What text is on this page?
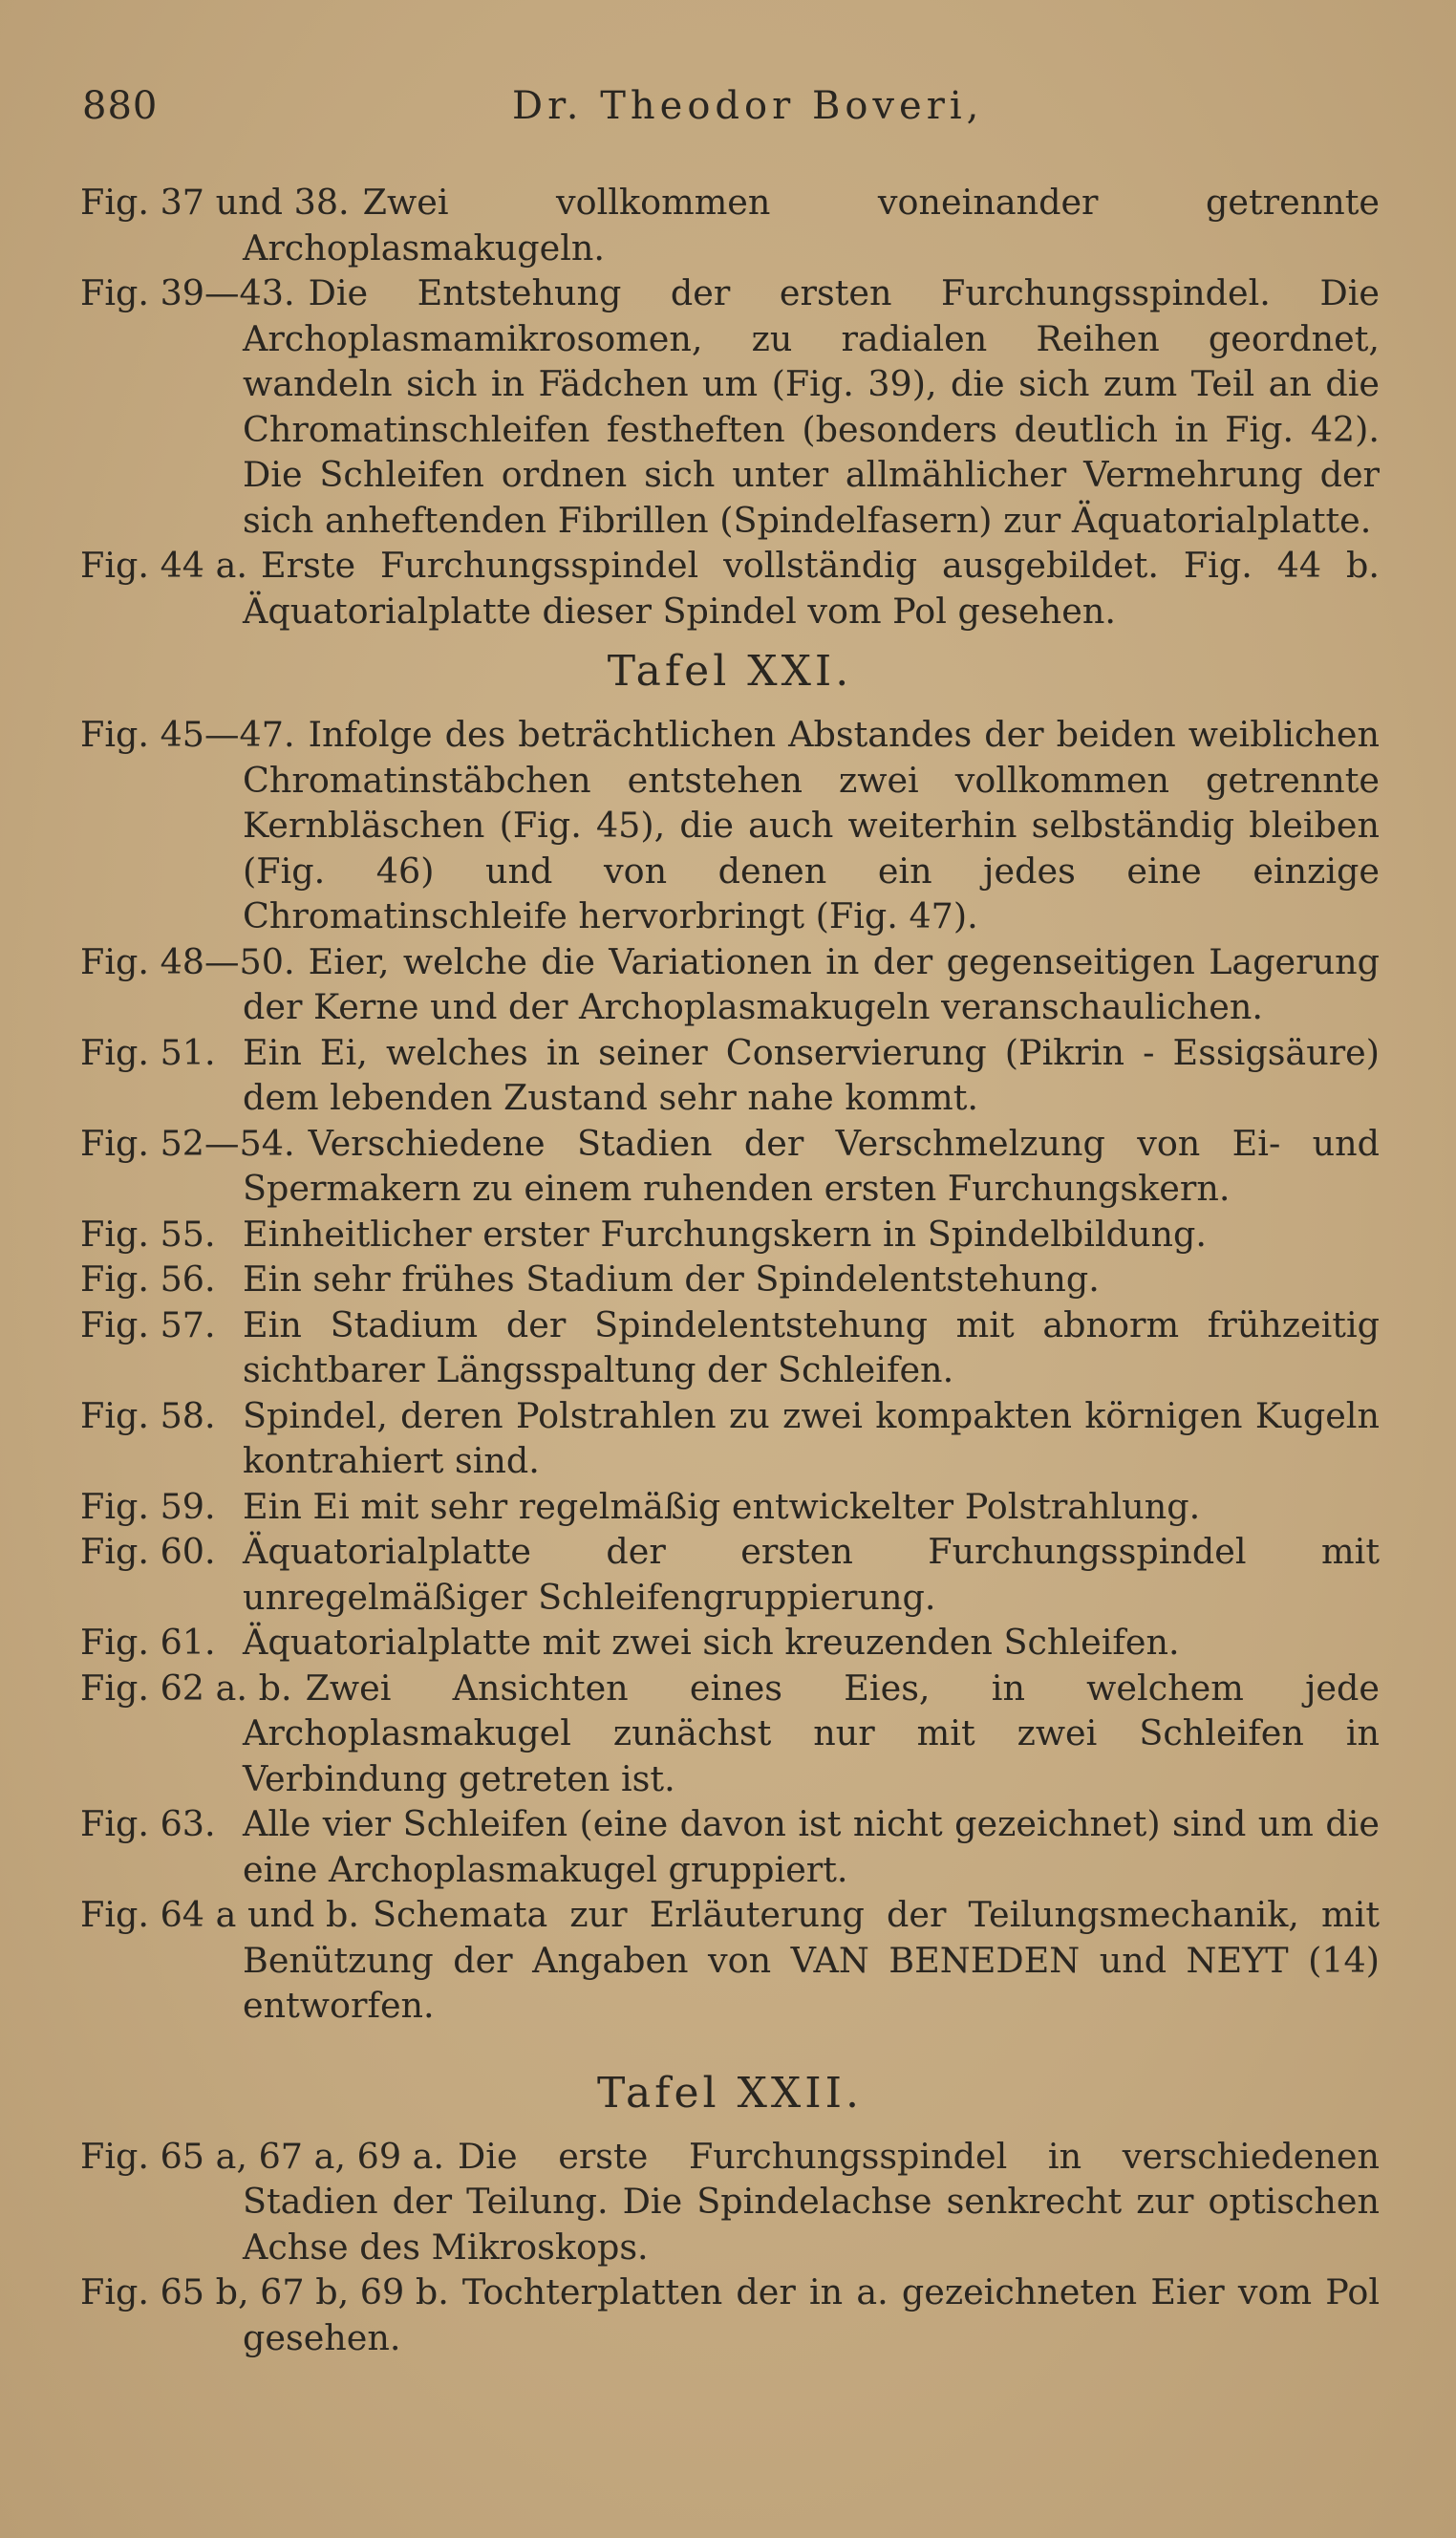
880	Dr. Theodor Boveri,
Fig. 37 und 38. Zwei vollkommen voneinander getrennte Archoplasmakugeln.
Fig. 39—43. Die Entstehung der ersten Furchungsspindel. Die Archoplasmamikrosomen, zu radialen Reihen geordnet, wandeln sich in Fädchen um (Fig. 39), die sich zum Teil an die Chromatinschleifen festheften (besonders deutlich in Fig. 42). Die Schleifen ordnen sich unter allmählicher Vermehrung der sich anheftenden Fibrillen (Spindelfasern) zur Äquatorialplatte.
Fig. 44 a. Erste Furchungsspindel vollständig ausgebildet. Fig. 44 b. Äquatorialplatte dieser Spindel vom Pol gesehen.
Tafel XXI.
Fig. 45—47. Infolge des beträchtlichen Abstandes der beiden weiblichen Chromatinstäbchen entstehen zwei vollkommen getrennte Kernbläschen (Fig. 45), die auch weiterhin selbständig bleiben (Fig. 46) und von denen ein jedes eine einzige Chromatinschleife hervorbringt (Fig. 47).
Fig. 48—50. Eier, welche die Variationen in der gegenseitigen Lagerung der Kerne und der Archoplasmakugeln veranschaulichen.
Fig. 51. Ein Ei, welches in seiner Conservierung (Pikrin - Essigsäure) dem lebenden Zustand sehr nahe kommt.
Fig. 52—54. Verschiedene Stadien der Verschmelzung von Ei- und Spermakern zu einem ruhenden ersten Furchungskern.
Fig. 55. Einheitlicher erster Furchungskern in Spindelbildung.
Fig. 56. Ein sehr frühes Stadium der Spindelentstehung.
Fig. 57. Ein Stadium der Spindelentstehung mit abnorm frühzeitig sichtbarer Längsspaltung der Schleifen.
Fig. 58. Spindel, deren Polstrahlen zu zwei kompakten körnigen Kugeln kontrahiert sind.
Fig. 59. Ein Ei mit sehr regelmäßig entwickelter Polstrahlung.
Fig. 60. Äquatorialplatte der ersten Furchungsspindel mit unregelmäßiger Schleifengruppierung.
Fig. 61. Äquatorialplatte mit zwei sich kreuzenden Schleifen.
Fig. 62 a. b. Zwei Ansichten eines Eies, in welchem jede Archoplasmakugel zunächst nur mit zwei Schleifen in Verbindung getreten ist.
Fig. 63. Alle vier Schleifen (eine davon ist nicht gezeichnet) sind um die eine Archoplasmakugel gruppiert.
Fig. 64 a und b. Schemata zur Erläuterung der Teilungsmechanik, mit Benützung der Angaben von VAN BENEDEN und NEYT (14) entworfen.
Tafel XXII.
Fig. 65 a, 67 a, 69 a. Die erste Furchungsspindel in verschiedenen Stadien der Teilung. Die Spindelachse senkrecht zur optischen Achse des Mikroskops.
Fig. 65 b, 67 b, 69 b. Tochterplatten der in a. gezeichneten Eier vom Pol gesehen.
